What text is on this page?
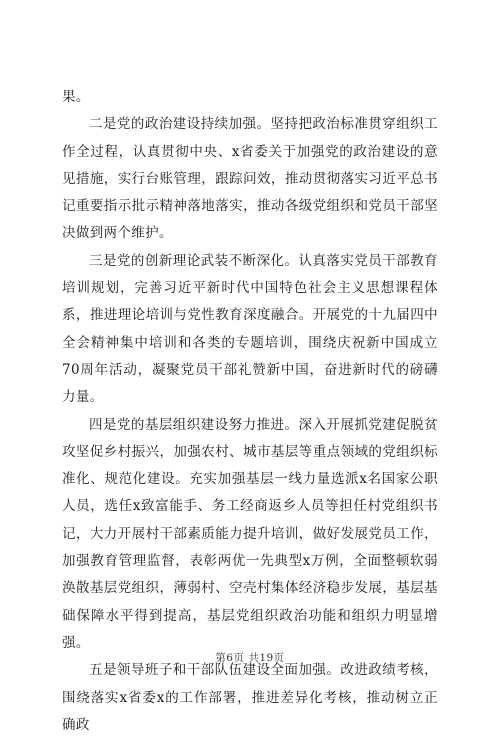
果。

二是党的政治建设持续加强。坚持把政治标准贯穿组织工作全过程，认真贯彻中央、x省委关于加强党的政治建设的意见措施，实行台账管理，跟踪问效，推动贯彻落实习近平总书记重要指示批示精神落地落实，推动各级党组织和党员干部坚决做到两个维护。

三是党的创新理论武装不断深化。认真落实党员干部教育培训规划，完善习近平新时代中国特色社会主义思想课程体系，推进理论培训与党性教育深度融合。开展党的十九届四中全会精神集中培训和各类的专题培训，围绕庆祝新中国成立70周年活动，凝聚党员干部礼赞新中国，奋进新时代的磅礴力量。

四是党的基层组织建设努力推进。深入开展抓党建促脱贫攻坚促乡村振兴，加强农村、城市基层等重点领域的党组织标准化、规范化建设。充实加强基层一线力量选派x名国家公职人员，选任x致富能手、务工经商返乡人员等担任村党组织书记，大力开展村干部素质能力提升培训，做好发展党员工作，加强教育管理监督，表彰两优一先典型x万例，全面整顿软弱涣散基层党组织，薄弱村、空壳村集体经济稳步发展，基层基础保障水平得到提高，基层党组织政治功能和组织力明显增强。

五是领导班子和干部队伍建设全面加强。改进政绩考核，围绕落实x省委x的工作部署，推进差异化考核，推动树立正确政

第6页 共19页
